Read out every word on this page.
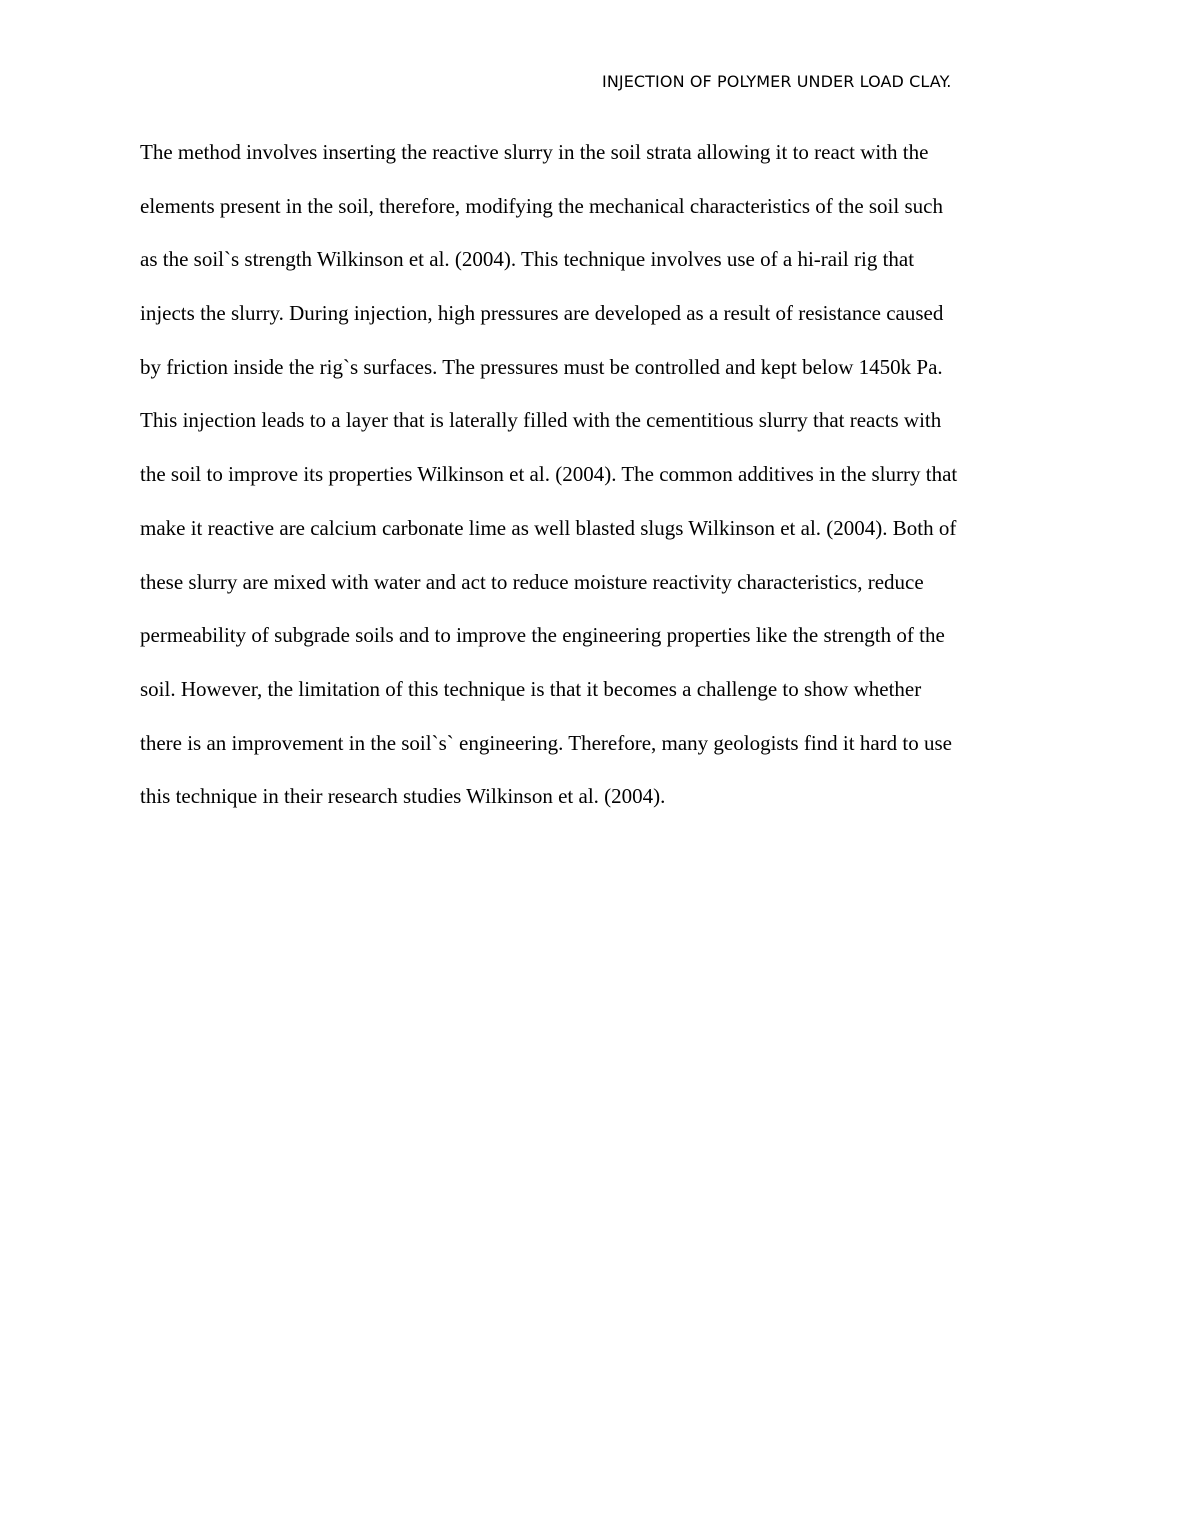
INJECTION OF POLYMER UNDER LOAD CLAY.
The method involves inserting the reactive slurry in the soil strata allowing it to react with the
elements present in the soil, therefore, modifying the mechanical characteristics of the soil such
as the soil`s strength Wilkinson et al. (2004). This technique involves use of a hi-rail rig that
injects the slurry. During injection, high pressures are developed as a result of resistance caused
by friction inside the rig`s surfaces. The pressures must be controlled and kept below 1450k Pa.
This injection leads to a layer that is laterally filled with the cementitious slurry that reacts with
the soil to improve its properties Wilkinson et al. (2004). The common additives in the slurry that
make it reactive are calcium carbonate lime as well blasted slugs Wilkinson et al. (2004). Both of
these slurry are mixed with water and act to reduce moisture reactivity characteristics, reduce
permeability of subgrade soils and to improve the engineering properties like the strength of the
soil. However, the limitation of this technique is that it becomes a challenge to show whether
there is an improvement in the soil`s` engineering. Therefore, many geologists find it hard to use
this technique in their research studies Wilkinson et al. (2004).
